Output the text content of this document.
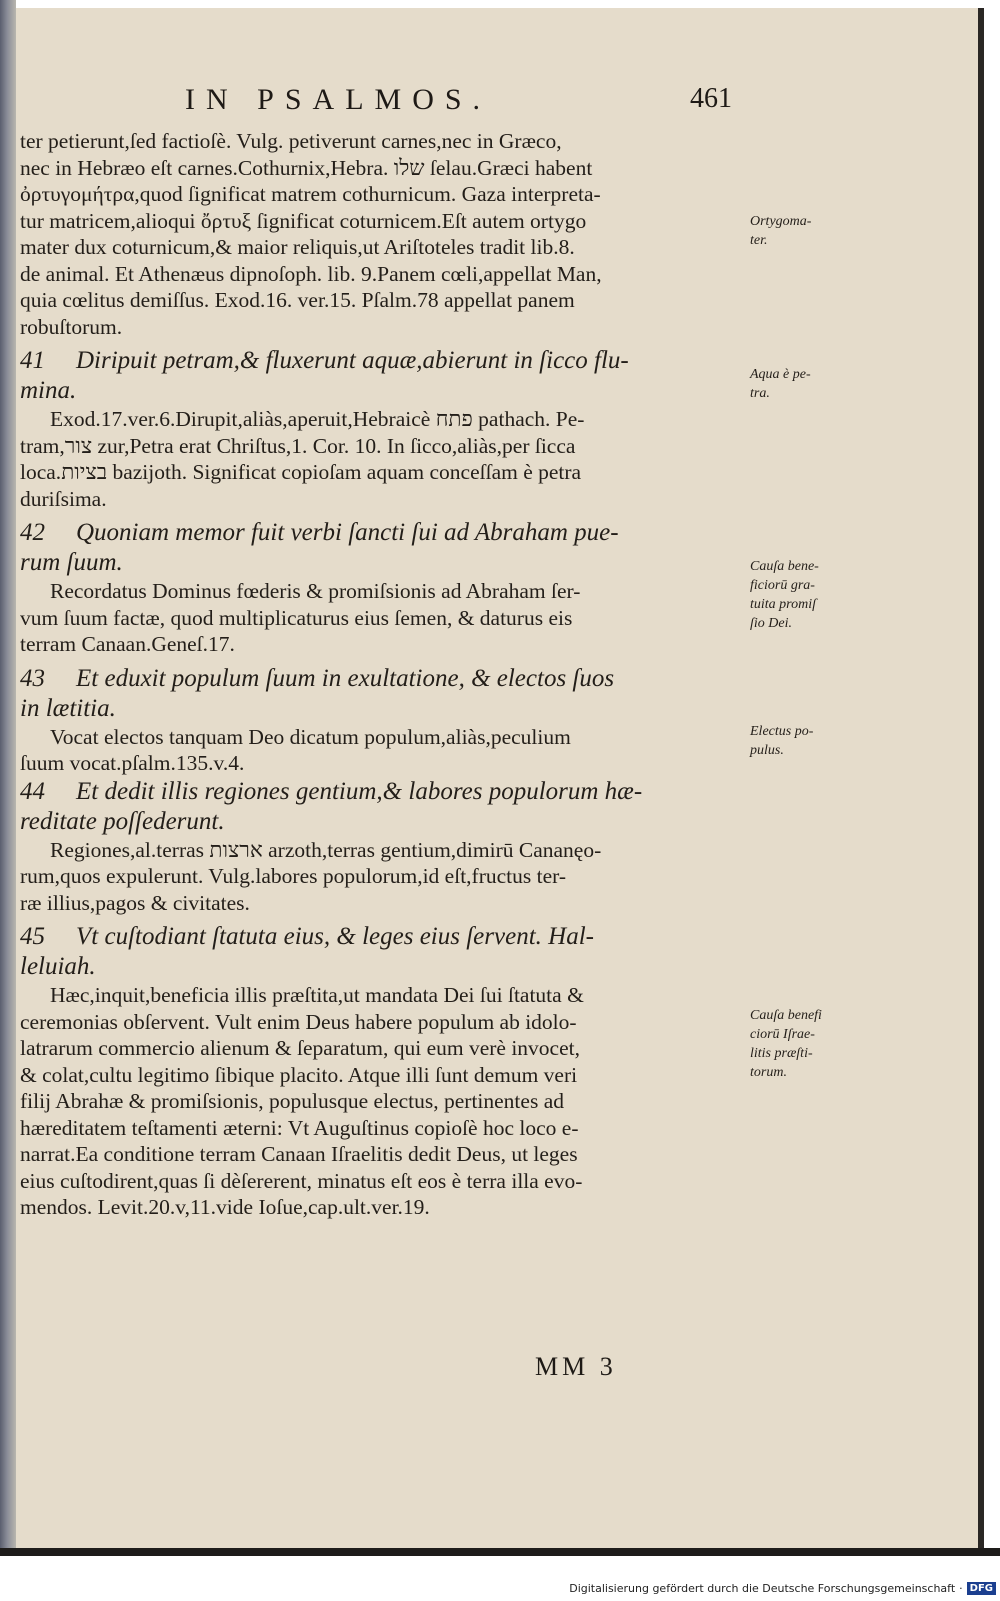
IN PSALMOS.	461

ter petierunt,ſed factioſè. Vulg. petiverunt carnes,nec in Græco,

nec in Hebræo eſt carnes.Cothurnix,Hebra. שלו ſelau.Græci habent

ὀρτυγομήτρα,quod ſignificat matrem cothurnicum. Gaza interpreta-

tur matricem,alioqui ὄρτυξ ſignificat coturnicem.Eſt autem ortygo

mater dux coturnicum,& maior reliquis,ut Ariſtoteles tradit lib.8.

de animal. Et Athenæus dipnoſoph. lib. 9.Panem cœli,appellat Man,

quia cœlitus demiſſus. Exod.16. ver.15. Pſalm.78 appellat panem

robuſtorum.

41 Diripuit petram,& fluxerunt aquæ,abierunt in ſicco flu-

mina.

Exod.17.ver.6.Dirupit,aliàs,aperuit,Hebraicè פתח pathach. Pe-

tram,צור zur,Petra erat Chriſtus,1. Cor. 10. In ſicco,aliàs,per ſicca

loca.בציות bazijoth. Significat copioſam aquam conceſſam è petra

duriſsima.

42 Quoniam memor fuit verbi ſancti ſui ad Abraham pue-

rum ſuum.

Recordatus Dominus fœderis & promiſsionis ad Abraham ſer-

vum ſuum factæ, quod multiplicaturus eius ſemen, & daturus eis

terram Canaan.Geneſ.17.

43 Et eduxit populum ſuum in exultatione, & electos ſuos

in lætitia.

Vocat electos tanquam Deo dicatum populum,aliàs,peculium

ſuum vocat.pſalm.135.v.4.

44 Et dedit illis regiones gentium,& labores populorum hæ-

reditate poſſederunt.

Regiones,al.terras ארצות arzoth,terras gentium,dimirū Cananęo-

rum,quos expulerunt. Vulg.labores populorum,id eſt,fructus ter-

ræ illius,pagos & civitates.

45 Vt cuſtodiant ſtatuta eius, & leges eius ſervent. Hal-

leluiah.

Hæc,inquit,beneficia illis præſtita,ut mandata Dei ſui ſtatuta &

ceremonias obſervent. Vult enim Deus habere populum ab idolo-

latrarum commercio alienum & ſeparatum, qui eum verè invocet,

& colat,cultu legitimo ſibique placito. Atque illi ſunt demum veri

filij Abrahæ & promiſsionis, populusque electus, pertinentes ad

hæreditatem teſtamenti æterni: Vt Auguſtinus copioſè hoc loco e-

narrat.Ea conditione terram Canaan Iſraelitis dedit Deus, ut leges

eius cuſtodirent,quas ſi dèſererent, minatus eſt eos è terra illa evo-

mendos. Levit.20.v,11.vide Ioſue,cap.ult.ver.19.

Ortygoma-
ter.
Aqua è pe-
tra.
Cauſa bene-
ficiorū gra-
tuita promiſ
ſio Dei.
Electus po-
pulus.
Cauſa benefi
ciorū Iſrae-
litis præſti-
torum.
MM 3
Digitalisierung gefördert durch die Deutsche Forschungsgemeinschaft · DFG
